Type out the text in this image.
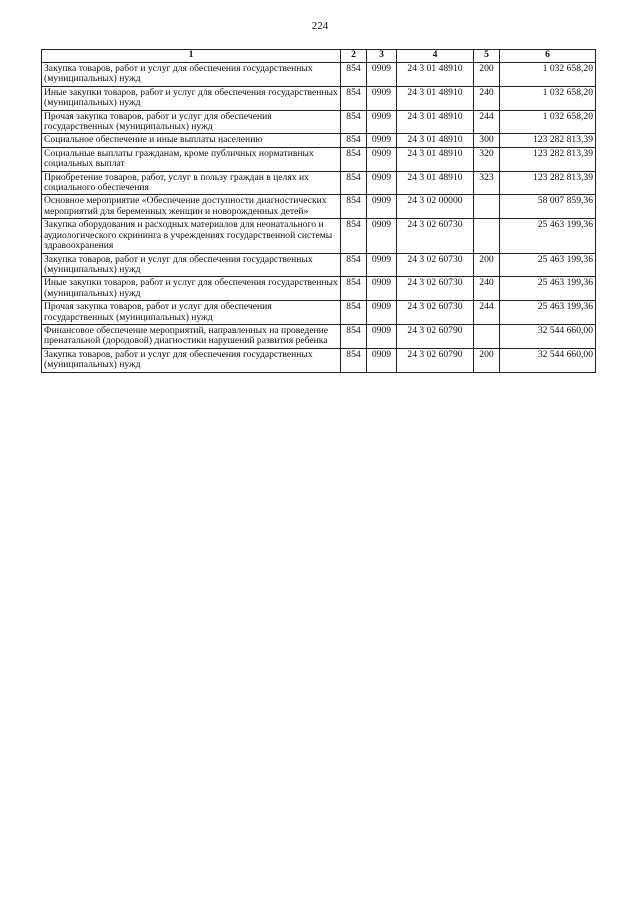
224
1	2	3	4	5	6
Закупка товаров, работ и услуг для обеспечения государственных (муниципальных) нужд	854	0909	24 3 01 48910	200	1 032 658,20
Иные закупки товаров, работ и услуг для обеспечения государственных (муниципальных) нужд	854	0909	24 3 01 48910	240	1 032 658,20
Прочая закупка товаров, работ и услуг для обеспечения государственных (муниципальных) нужд	854	0909	24 3 01 48910	244	1 032 658,20
Социальное обеспечение и иные выплаты населению	854	0909	24 3 01 48910	300	123 282 813,39
Социальные выплаты гражданам, кроме публичных нормативных социальных выплат	854	0909	24 3 01 48910	320	123 282 813,39
Приобретение товаров, работ, услуг в пользу граждан в целях их социального обеспечения	854	0909	24 3 01 48910	323	123 282 813,39
Основное мероприятие «Обеспечение доступности диагностических мероприятий для беременных женщин и новорожденных детей»	854	0909	24 3 02 00000		58 007 859,36
Закупка оборудования и расходных материалов для неонатального и аудиологического скрининга в учреждениях государственной системы здравоохранения	854	0909	24 3 02 60730		25 463 199,36
Закупка товаров, работ и услуг для обеспечения государственных (муниципальных) нужд	854	0909	24 3 02 60730	200	25 463 199,36
Иные закупки товаров, работ и услуг для обеспечения государственных (муниципальных) нужд	854	0909	24 3 02 60730	240	25 463 199,36
Прочая закупка товаров, работ и услуг для обеспечения государственных (муниципальных) нужд	854	0909	24 3 02 60730	244	25 463 199,36
Финансовое обеспечение мероприятий, направленных на проведение пренатальной (дородовой) диагностики нарушений развития ребенка	854	0909	24 3 02 60790		32 544 660,00
Закупка товаров, работ и услуг для обеспечения государственных (муниципальных) нужд	854	0909	24 3 02 60790	200	32 544 660,00
